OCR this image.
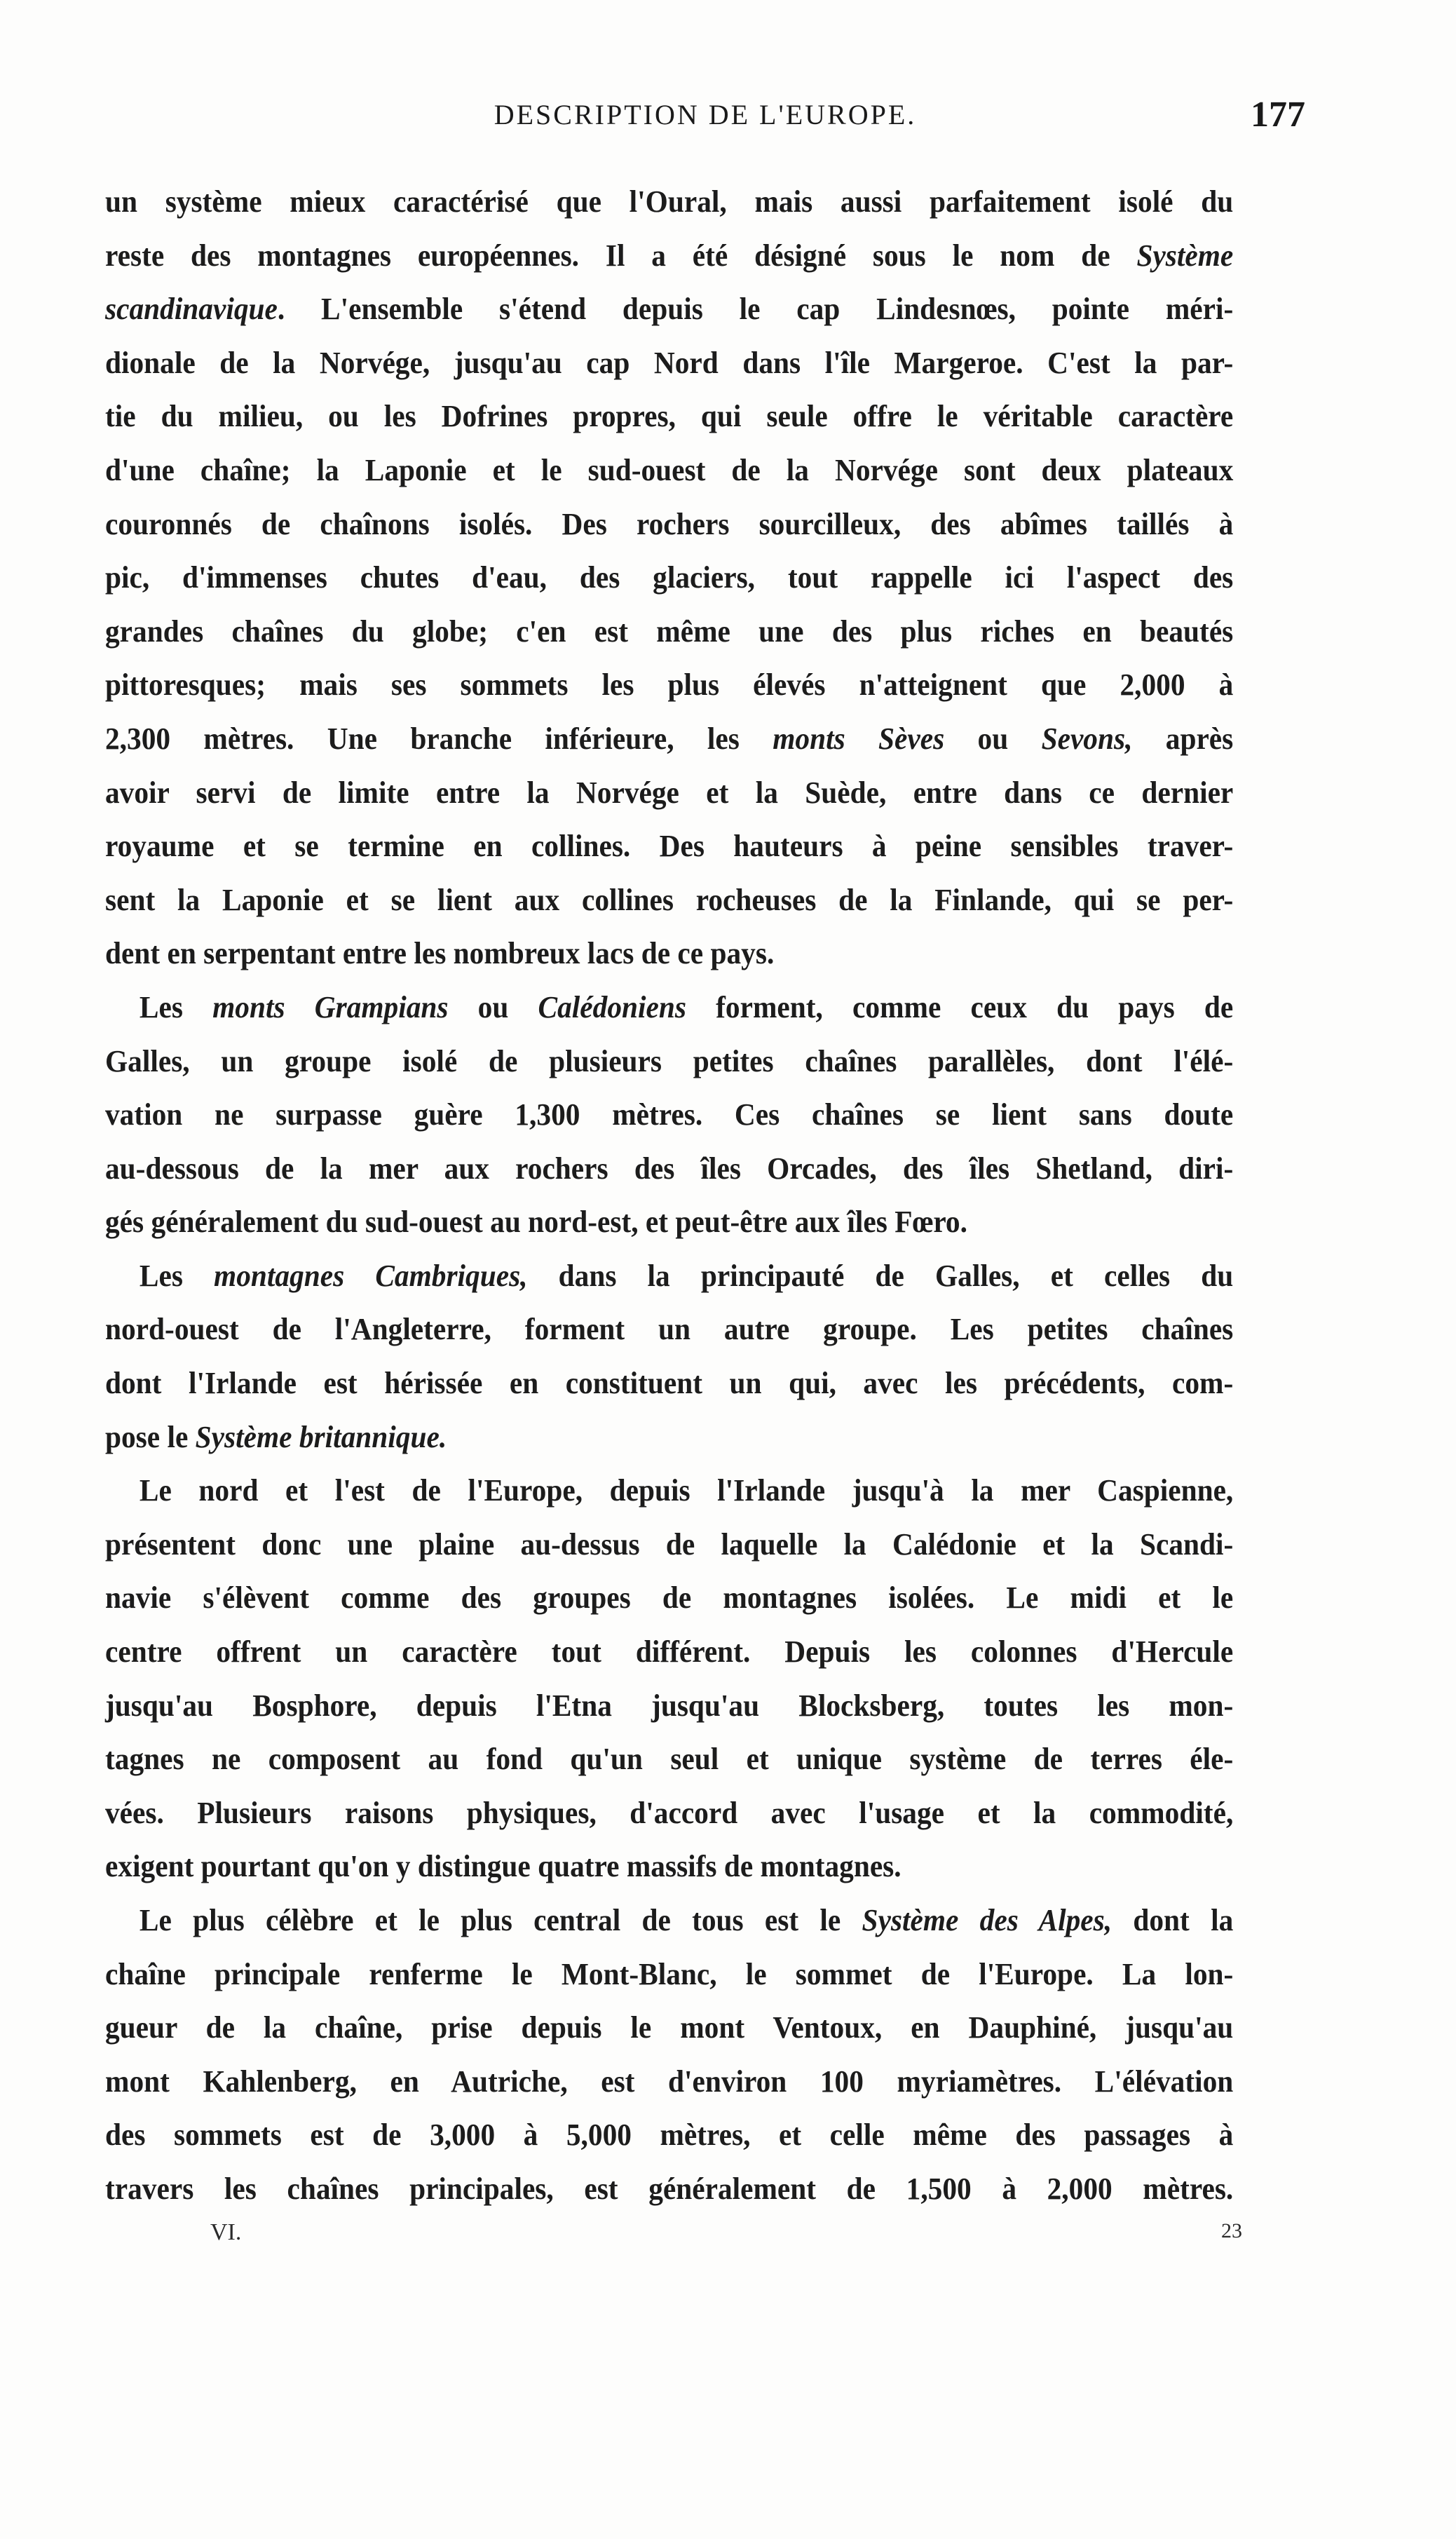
DESCRIPTION DE L'EUROPE.	177
un système mieux caractérisé que l'Oural, mais aussi parfaitement isolé du
reste des montagnes européennes. Il a été désigné sous le nom de Système
scandinavique. L'ensemble s'étend depuis le cap Lindesnœs, pointe méri-
dionale de la Norvége, jusqu'au cap Nord dans l'île Margeroe. C'est la par-
tie du milieu, ou les Dofrines propres, qui seule offre le véritable caractère
d'une chaîne; la Laponie et le sud-ouest de la Norvége sont deux plateaux
couronnés de chaînons isolés. Des rochers sourcilleux, des abîmes taillés à
pic, d'immenses chutes d'eau, des glaciers, tout rappelle ici l'aspect des
grandes chaînes du globe; c'en est même une des plus riches en beautés
pittoresques; mais ses sommets les plus élevés n'atteignent que 2,000 à
2,300 mètres. Une branche inférieure, les monts Sèves ou Sevons, après
avoir servi de limite entre la Norvége et la Suède, entre dans ce dernier
royaume et se termine en collines. Des hauteurs à peine sensibles traver-
sent la Laponie et se lient aux collines rocheuses de la Finlande, qui se per-
dent en serpentant entre les nombreux lacs de ce pays.
Les monts Grampians ou Calédoniens forment, comme ceux du pays de
Galles, un groupe isolé de plusieurs petites chaînes parallèles, dont l'élé-
vation ne surpasse guère 1,300 mètres. Ces chaînes se lient sans doute
au-dessous de la mer aux rochers des îles Orcades, des îles Shetland, diri-
gés généralement du sud-ouest au nord-est, et peut-être aux îles Fœro.
Les montagnes Cambriques, dans la principauté de Galles, et celles du
nord-ouest de l'Angleterre, forment un autre groupe. Les petites chaînes
dont l'Irlande est hérissée en constituent un qui, avec les précédents, com-
pose le Système britannique.
Le nord et l'est de l'Europe, depuis l'Irlande jusqu'à la mer Caspienne,
présentent donc une plaine au-dessus de laquelle la Calédonie et la Scandi-
navie s'élèvent comme des groupes de montagnes isolées. Le midi et le
centre offrent un caractère tout différent. Depuis les colonnes d'Hercule
jusqu'au Bosphore, depuis l'Etna jusqu'au Blocksberg, toutes les mon-
tagnes ne composent au fond qu'un seul et unique système de terres éle-
vées. Plusieurs raisons physiques, d'accord avec l'usage et la commodité,
exigent pourtant qu'on y distingue quatre massifs de montagnes.
Le plus célèbre et le plus central de tous est le Système des Alpes, dont la
chaîne principale renferme le Mont-Blanc, le sommet de l'Europe. La lon-
gueur de la chaîne, prise depuis le mont Ventoux, en Dauphiné, jusqu'au
mont Kahlenberg, en Autriche, est d'environ 100 myriamètres. L'élévation
des sommets est de 3,000 à 5,000 mètres, et celle même des passages à
travers les chaînes principales, est généralement de 1,500 à 2,000 mètres.
VI.	23
